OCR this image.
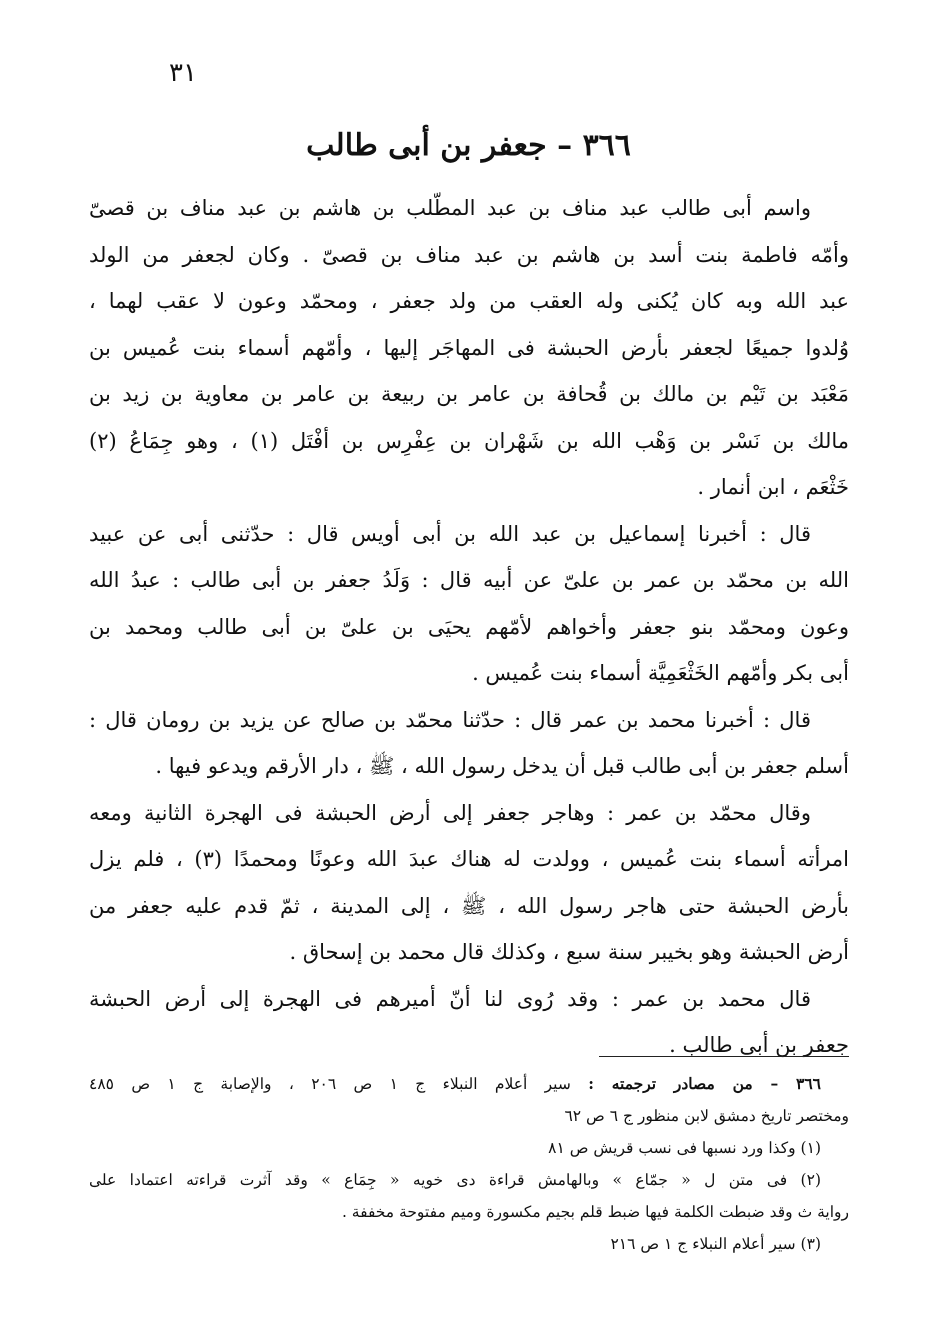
٣١
٣٦٦ – جعفر بن أبى طالب
واسم أبى طالب عبد مناف بن عبد المطّلب بن هاشم بن عبد مناف بن قصىّ
وأمّه فاطمة بنت أسد بن هاشم بن عبد مناف بن قصىّ . وكان لجعفر من الولد
عبد الله وبه كان يُكنى وله العقب من ولد جعفر ، ومحمّد وعون لا عقب لهما ،
وُلدوا جميعًا لجعفر بأرض الحبشة فى المهاجَر إليها ، وأمّهم أسماء بنت عُميس بن
مَعْبَد بن تَيْم بن مالك بن قُحافة بن عامر بن ربيعة بن عامر بن معاوية بن زيد بن
مالك بن نَسْر بن وَهْب الله بن شَهْران بن عِفْرِس بن أفْتَل (١) ، وهو جِمَاعُ (٢)
خَثْعَم ، ابن أنمار .
قال : أخبرنا إسماعيل بن عبد الله بن أبى أويس قال : حدّثنى أبى عن عبيد
الله بن محمّد بن عمر بن علىّ عن أبيه قال : وَلَدُ جعفر بن أبى طالب : عبدُ الله
وعون ومحمّد بنو جعفر وأخواهم لأمّهم يحيَى بن علىّ بن أبى طالب ومحمد بن
أبى بكر وأمّهم الخَثْعَمِيَّة أسماء بنت عُميس .
قال : أخبرنا محمد بن عمر قال : حدّثنا محمّد بن صالح عن يزيد بن رومان قال :
أسلم جعفر بن أبى طالب قبل أن يدخل رسول الله ، ﷺ ، دار الأرقم ويدعو فيها .
وقال محمّد بن عمر : وهاجر جعفر إلى أرض الحبشة فى الهجرة الثانية ومعه
امرأته أسماء بنت عُميس ، وولدت له هناك عبدَ الله وعونًا ومحمدًا (٣) ، فلم يزل
بأرض الحبشة حتى هاجر رسول الله ، ﷺ ، إلى المدينة ، ثمّ قدم عليه جعفر من
أرض الحبشة وهو بخيبر سنة سبع ، وكذلك قال محمد بن إسحاق .
قال محمد بن عمر : وقد رُوى لنا أنّ أميرهم فى الهجرة إلى أرض الحبشة
جعفر بن أبى طالب .
٣٦٦ – من مصادر ترجمته : سير أعلام النبلاء ج ١ ص ٢٠٦ ، والإصابة ج ١ ص ٤٨٥
ومختصر تاريخ دمشق لابن منظور ج ٦ ص ٦٢
(١) وكذا ورد نسبها فى نسب قريش ص ٨١
(٢) فى متن ل « جمّاع » وبالهامش قراءة دى خويه « جِمَاع » وقد آثرت قراءته اعتمادا على
رواية ث وقد ضبطت الكلمة فيها ضبط قلم بجيم مكسورة وميم مفتوحة مخففة .
(٣) سير أعلام النبلاء ج ١ ص ٢١٦
